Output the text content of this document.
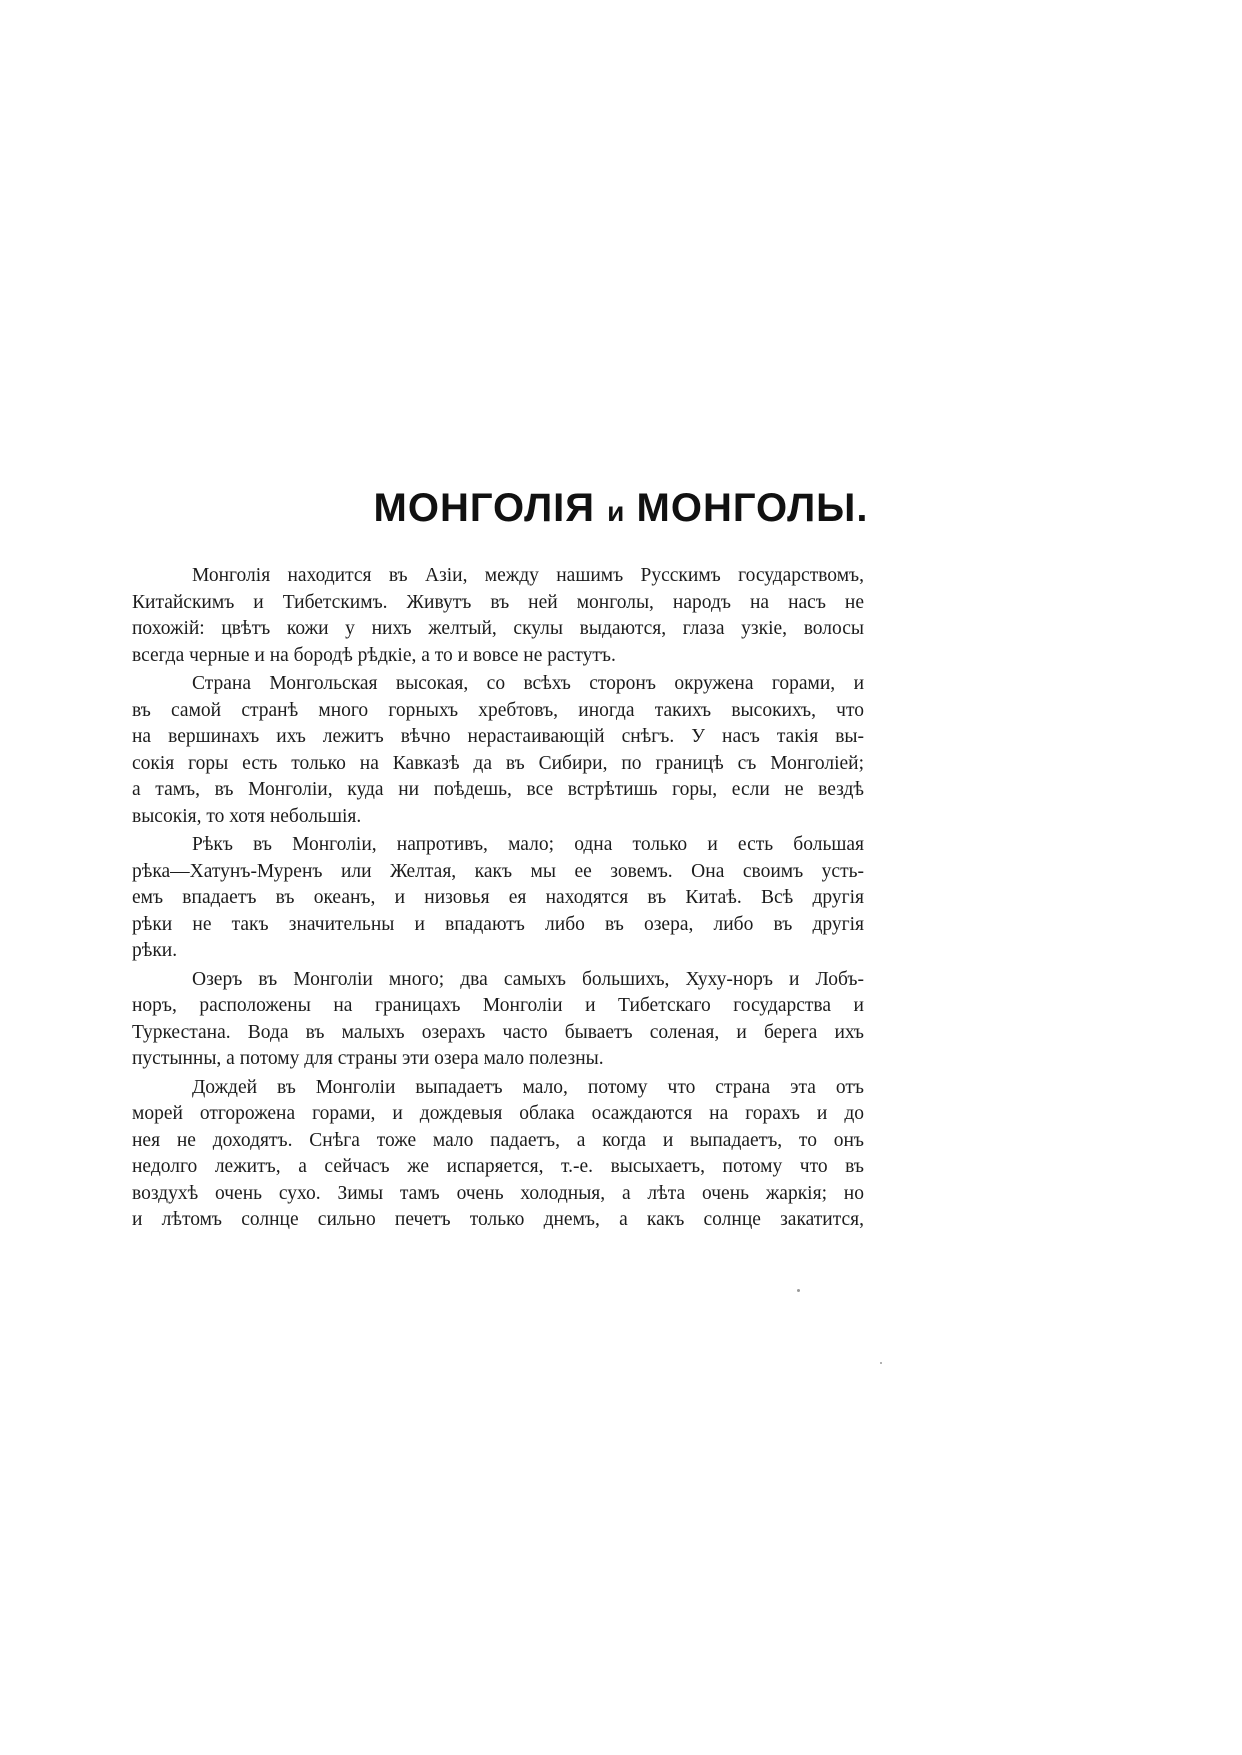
МОНГОЛІЯ и МОНГОЛЫ.
Монголія находится въ Азіи, между нашимъ Русскимъ государствомъ,
Китайскимъ и Тибетскимъ. Живутъ въ ней монголы, народъ на насъ не
похожій: цвѣтъ кожи у нихъ желтый, скулы выдаются, глаза узкіе, волосы
всегда черные и на бородѣ рѣдкіе, а то и вовсе не растутъ.
Страна Монгольская высокая, со всѣхъ сторонъ окружена горами, и
въ самой странѣ много горныхъ хребтовъ, иногда такихъ высокихъ, что
на вершинахъ ихъ лежитъ вѣчно нерастаивающій снѣгъ. У насъ такія вы-
сокія горы есть только на Кавказѣ да въ Сибири, по границѣ съ Монголіей;
а тамъ, въ Монголіи, куда ни поѣдешь, все встрѣтишь горы, если не вездѣ
высокія, то хотя небольшія.
Рѣкъ въ Монголіи, напротивъ, мало; одна только и есть большая
рѣка—Хатунъ-Муренъ или Желтая, какъ мы ее зовемъ. Она своимъ усть-
емъ впадаетъ въ океанъ, и низовья ея находятся въ Китаѣ. Всѣ другія
рѣки не такъ значительны и впадаютъ либо въ озера, либо въ другія
рѣки.
Озеръ въ Монголіи много; два самыхъ большихъ, Хуху-норъ и Лобъ-
норъ, расположены на границахъ Монголіи и Тибетскаго государства и
Туркестана. Вода въ малыхъ озерахъ часто бываетъ соленая, и берега ихъ
пустынны, а потому для страны эти озера мало полезны.
Дождей въ Монголіи выпадаетъ мало, потому что страна эта отъ
морей отгорожена горами, и дождевыя облака осаждаются на горахъ и до
нея не доходятъ. Снѣга тоже мало падаетъ, а когда и выпадаетъ, то онъ
недолго лежитъ, а сейчасъ же испаряется, т.-е. высыхаетъ, потому что въ
воздухѣ очень сухо. Зимы тамъ очень холодныя, а лѣта очень жаркія; но
и лѣтомъ солнце сильно печетъ только днемъ, а какъ солнце закатится,
